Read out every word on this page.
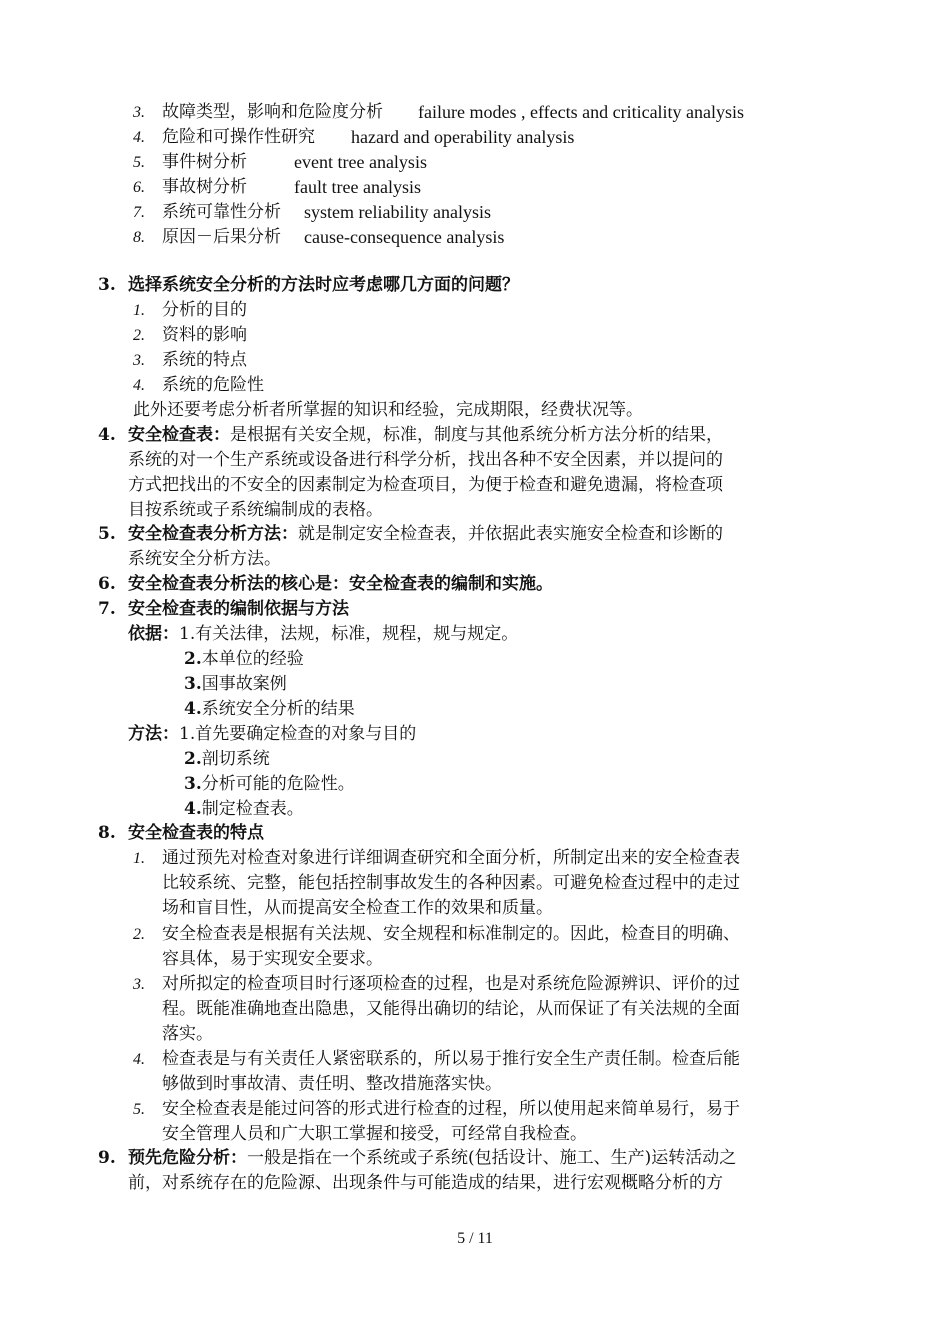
3. 故障类型，影响和危险度分析 failure modes , effects and criticality analysis
4. 危险和可操作性研究 hazard and operability analysis
5. 事件树分析	event tree analysis
6. 事故树分析	fault tree analysis
7. 系统可靠性分析 system reliability analysis
8. 原因－后果分析 cause-consequence analysis
3. 选择系统安全分析的方法时应考虑哪几方面的问题？
1. 分析的目的
2. 资料的影响
3. 系统的特点
4. 系统的危险性
此外还要考虑分析者所掌握的知识和经验，完成期限，经费状况等。
4. 安全检查表：是根据有关安全规，标准，制度与其他系统分析方法分析的结果，
系统的对一个生产系统或设备进行科学分析，找出各种不安全因素，并以提问的
方式把找出的不安全的因素制定为检查项目，为便于检查和避免遗漏，将检查项
目按系统或子系统编制成的表格。
5. 安全检查表分析方法：就是制定安全检查表，并依据此表实施安全检查和诊断的
系统安全分析方法。
6. 安全检查表分析法的核心是：安全检查表的编制和实施。
7. 安全检查表的编制依据与方法
依据：1.有关法律，法规，标准，规程，规与规定。
2.本单位的经验
3.国事故案例
4.系统安全分析的结果
方法：1.首先要确定检查的对象与目的
2.剖切系统
3.分析可能的危险性。
4.制定检查表。
8. 安全检查表的特点
1. 通过预先对检查对象进行详细调查研究和全面分析，所制定出来的安全检查表
比较系统、完整，能包括控制事故发生的各种因素。可避免检查过程中的走过
场和盲目性，从而提高安全检查工作的效果和质量。
2. 安全检查表是根据有关法规、安全规程和标准制定的。因此，检查目的明确、
容具体，易于实现安全要求。
3. 对所拟定的检查项目时行逐项检查的过程，也是对系统危险源辨识、评价的过
程。既能准确地查出隐患，又能得出确切的结论，从而保证了有关法规的全面
落实。
4. 检查表是与有关责任人紧密联系的，所以易于推行安全生产责任制。检查后能
够做到时事故清、责任明、整改措施落实快。
5. 安全检查表是能过问答的形式进行检查的过程，所以使用起来简单易行，易于
安全管理人员和广大职工掌握和接受，可经常自我检查。
9. 预先危险分析：一般是指在一个系统或子系统(包括设计、施工、生产)运转活动之
前，对系统存在的危险源、出现条件与可能造成的结果，进行宏观概略分析的方
5 / 11
